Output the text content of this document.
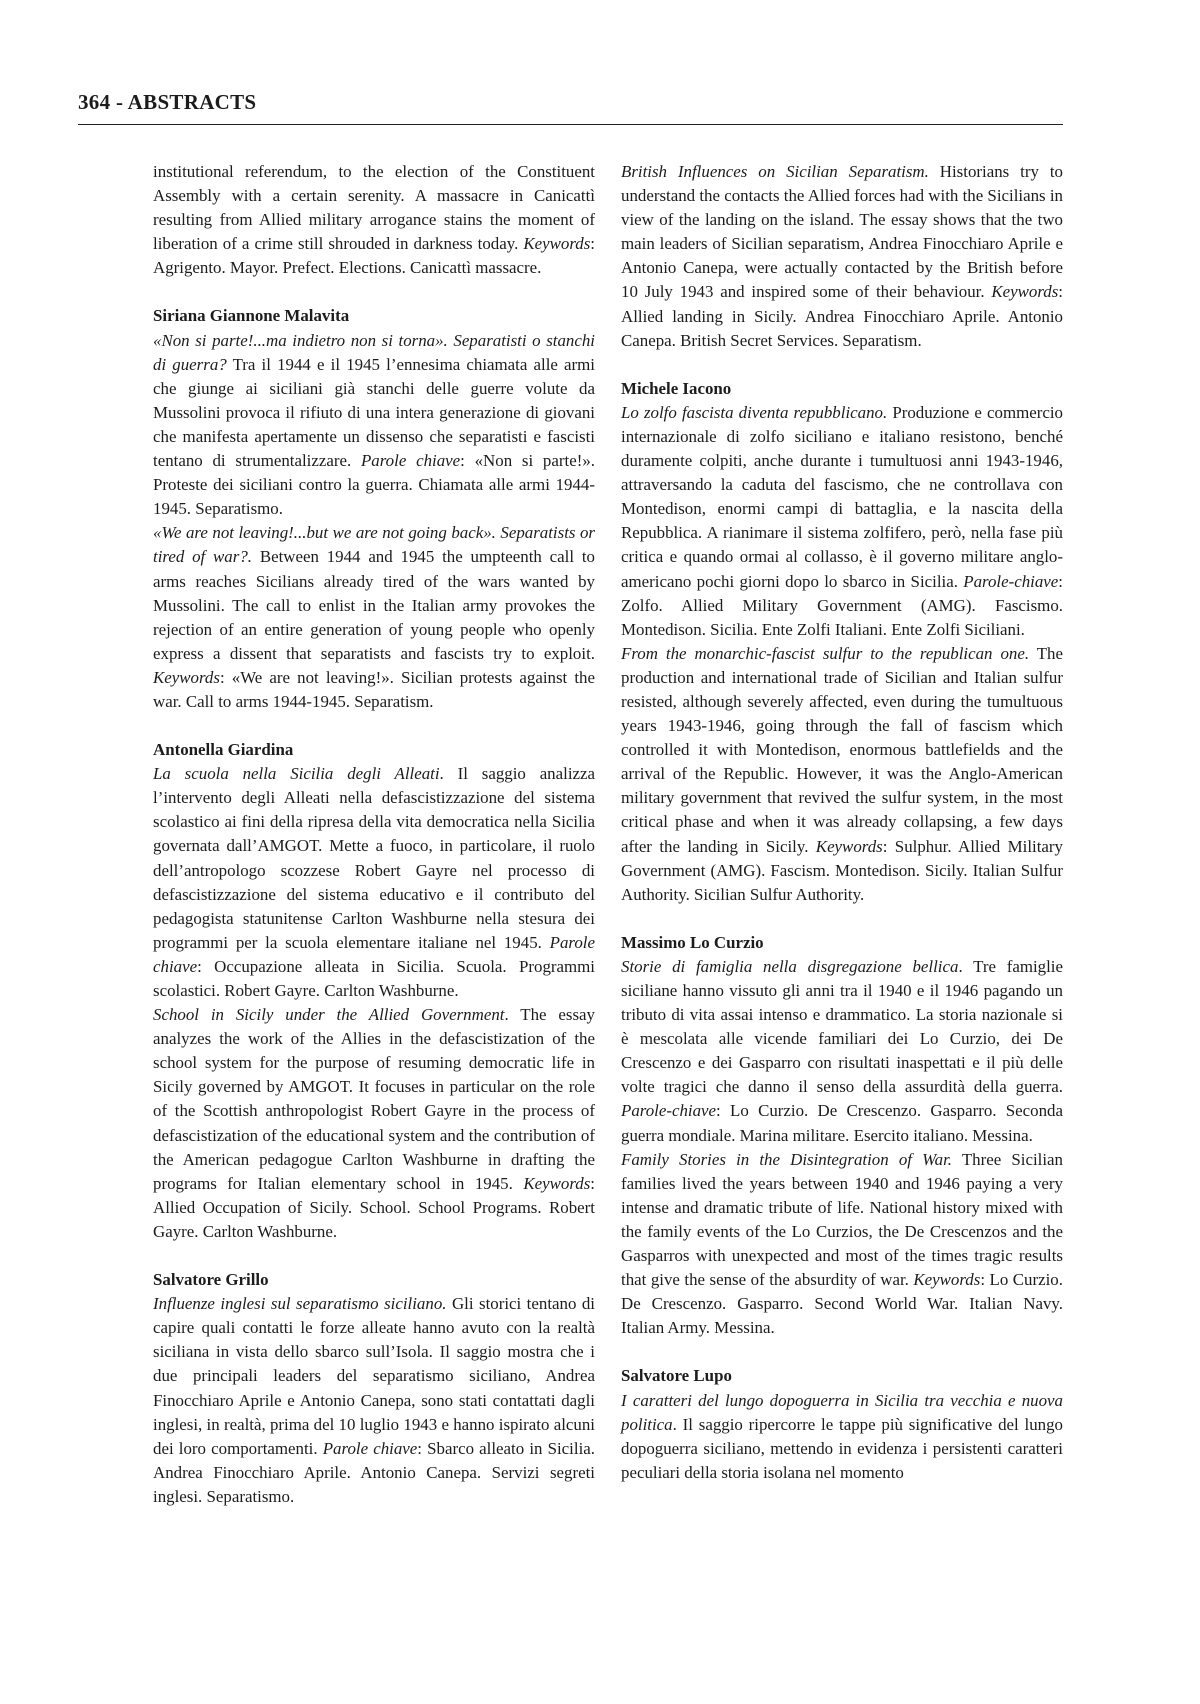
364 - ABSTRACTS

institutional referendum, to the election of the Constituent Assembly with a certain serenity. A massacre in Canicattì resulting from Allied military arrogance stains the moment of liberation of a crime still shrouded in darkness today. Keywords: Agrigento. Mayor. Prefect. Elections. Canicattì massacre.

Siriana Giannone Malavita

«Non si parte!...ma indietro non si torna». Separatisti o stanchi di guerra? Tra il 1944 e il 1945 l’ennesima chiamata alle armi che giunge ai siciliani già stanchi delle guerre volute da Mussolini provoca il rifiuto di una intera generazione di giovani che manifesta apertamente un dissenso che separatisti e fascisti tentano di strumentalizzare. Parole chiave: «Non si parte!». Proteste dei siciliani contro la guerra. Chiamata alle armi 1944-1945. Separatismo.

«We are not leaving!...but we are not going back». Separatists or tired of war?. Between 1944 and 1945 the umpteenth call to arms reaches Sicilians already tired of the wars wanted by Mussolini. The call to enlist in the Italian army provokes the rejection of an entire generation of young people who openly express a dissent that separatists and fascists try to exploit. Keywords: «We are not leaving!». Sicilian protests against the war. Call to arms 1944-1945. Separatism.

Antonella Giardina

La scuola nella Sicilia degli Alleati. Il saggio analizza l’intervento degli Alleati nella defascistizzazione del sistema scolastico ai fini della ripresa della vita democratica nella Sicilia governata dall’AMGOT. Mette a fuoco, in particolare, il ruolo dell’antropologo scozzese Robert Gayre nel processo di defascistizzazione del sistema educativo e il contributo del pedagogista statunitense Carlton Washburne nella stesura dei programmi per la scuola elementare italiane nel 1945. Parole chiave: Occupazione alleata in Sicilia. Scuola. Programmi scolastici. Robert Gayre. Carlton Washburne.

School in Sicily under the Allied Government. The essay analyzes the work of the Allies in the defascistization of the school system for the purpose of resuming democratic life in Sicily governed by AMGOT. It focuses in particular on the role of the Scottish anthropologist Robert Gayre in the process of defascistization of the educational system and the contribution of the American pedagogue Carlton Washburne in drafting the programs for Italian elementary school in 1945. Keywords: Allied Occupation of Sicily. School. School Programs. Robert Gayre. Carlton Washburne.

Salvatore Grillo

Influenze inglesi sul separatismo siciliano. Gli storici tentano di capire quali contatti le forze alleate hanno avuto con la realtà siciliana in vista dello sbarco sull’Isola. Il saggio mostra che i due principali leaders del separatismo siciliano, Andrea Finocchiaro Aprile e Antonio Canepa, sono stati contattati dagli inglesi, in realtà, prima del 10 luglio 1943 e hanno ispirato alcuni dei loro comportamenti. Parole chiave: Sbarco alleato in Sicilia. Andrea Finocchiaro Aprile. Antonio Canepa. Servizi segreti inglesi. Separatismo.

British Influences on Sicilian Separatism. Historians try to understand the contacts the Allied forces had with the Sicilians in view of the landing on the island. The essay shows that the two main leaders of Sicilian separatism, Andrea Finocchiaro Aprile e Antonio Canepa, were actually contacted by the British before 10 July 1943 and inspired some of their behaviour. Keywords: Allied landing in Sicily. Andrea Finocchiaro Aprile. Antonio Canepa. British Secret Services. Separatism.

Michele Iacono

Lo zolfo fascista diventa repubblicano. Produzione e commercio internazionale di zolfo siciliano e italiano resistono, benché duramente colpiti, anche durante i tumultuosi anni 1943-1946, attraversando la caduta del fascismo, che ne controllava con Montedison, enormi campi di battaglia, e la nascita della Repubblica. A rianimare il sistema zolfifero, però, nella fase più critica e quando ormai al collasso, è il governo militare anglo-americano pochi giorni dopo lo sbarco in Sicilia. Parole-chiave: Zolfo. Allied Military Government (AMG). Fascismo. Montedison. Sicilia. Ente Zolfi Italiani. Ente Zolfi Siciliani.

From the monarchic-fascist sulfur to the republican one. The production and international trade of Sicilian and Italian sulfur resisted, although severely affected, even during the tumultuous years 1943-1946, going through the fall of fascism which controlled it with Montedison, enormous battlefields and the arrival of the Republic. However, it was the Anglo-American military government that revived the sulfur system, in the most critical phase and when it was already collapsing, a few days after the landing in Sicily. Keywords: Sulphur. Allied Military Government (AMG). Fascism. Montedison. Sicily. Italian Sulfur Authority. Sicilian Sulfur Authority.

Massimo Lo Curzio

Storie di famiglia nella disgregazione bellica. Tre famiglie siciliane hanno vissuto gli anni tra il 1940 e il 1946 pagando un tributo di vita assai intenso e drammatico. La storia nazionale si è mescolata alle vicende familiari dei Lo Curzio, dei De Crescenzo e dei Gasparro con risultati inaspettati e il più delle volte tragici che danno il senso della assurdità della guerra. Parole-chiave: Lo Curzio. De Crescenzo. Gasparro. Seconda guerra mondiale. Marina militare. Esercito italiano. Messina.

Family Stories in the Disintegration of War. Three Sicilian families lived the years between 1940 and 1946 paying a very intense and dramatic tribute of life. National history mixed with the family events of the Lo Curzios, the De Crescenzos and the Gasparros with unexpected and most of the times tragic results that give the sense of the absurdity of war. Keywords: Lo Curzio. De Crescenzo. Gasparro. Second World War. Italian Navy. Italian Army. Messina.

Salvatore Lupo

I caratteri del lungo dopoguerra in Sicilia tra vecchia e nuova politica. Il saggio ripercorre le tappe più significative del lungo dopoguerra siciliano, mettendo in evidenza i persistenti caratteri peculiari della storia isolana nel momento
